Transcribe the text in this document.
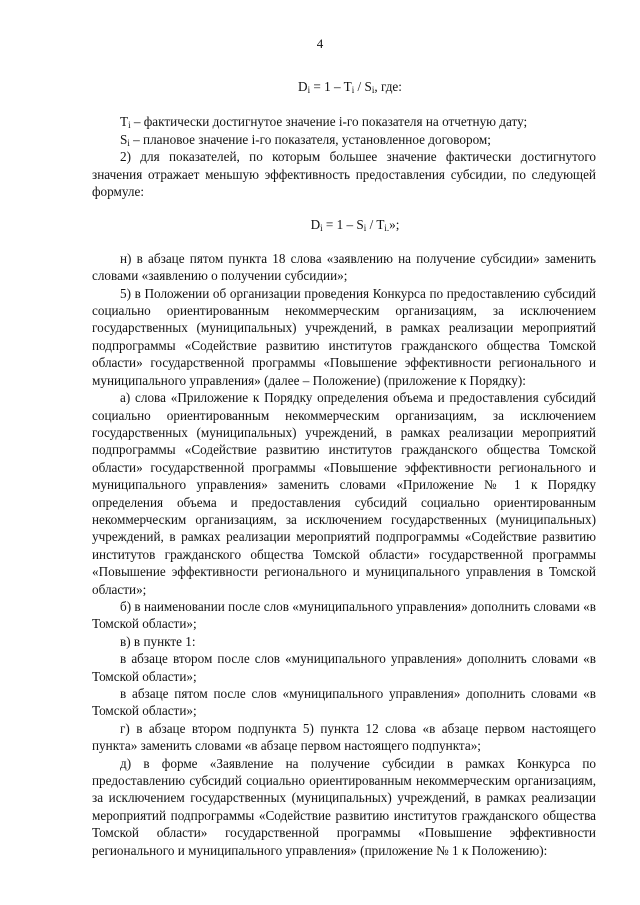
4

$D_i = 1 - T_i / S_i$, где:

$T_i$ – фактически достигнутое значение i-го показателя на отчетную дату;

$S_i$ – плановое значение i-го показателя, установленное договором;

2) для показателей, по которым большее значение фактически достигнутого значения отражает меньшую эффективность предоставления субсидии, по следующей формуле:

$D_i = 1 - S_i / T_{i.}$»;

н) в абзаце пятом пункта 18 слова «заявлению на получение субсидии» заменить словами «заявлению о получении субсидии»;

5) в Положении об организации проведения Конкурса по предоставлению субсидий социально ориентированным некоммерческим организациям, за исключением государственных (муниципальных) учреждений, в рамках реализации мероприятий подпрограммы «Содействие развитию институтов гражданского общества Томской области» государственной программы «Повышение эффективности регионального и муниципального управления» (далее – Положение) (приложение к Порядку):

а) слова «Приложение к Порядку определения объема и предоставления субсидий социально ориентированным некоммерческим организациям, за исключением государственных (муниципальных) учреждений, в рамках реализации мероприятий подпрограммы «Содействие развитию институтов гражданского общества Томской области» государственной программы «Повышение эффективности регионального и муниципального управления» заменить словами «Приложение № 1 к Порядку определения объема и предоставления субсидий социально ориентированным некоммерческим организациям, за исключением государственных (муниципальных) учреждений, в рамках реализации мероприятий подпрограммы «Содействие развитию институтов гражданского общества Томской области» государственной программы «Повышение эффективности регионального и муниципального управления в Томской области»;

б) в наименовании после слов «муниципального управления» дополнить словами «в Томской области»;

в) в пункте 1:

в абзаце втором после слов «муниципального управления» дополнить словами «в Томской области»;

в абзаце пятом после слов «муниципального управления» дополнить словами «в Томской области»;

г) в абзаце втором подпункта 5) пункта 12 слова «в абзаце первом настоящего пункта» заменить словами «в абзаце первом настоящего подпункта»;

д) в форме «Заявление на получение субсидии в рамках Конкурса по предоставлению субсидий социально ориентированным некоммерческим организациям, за исключением государственных (муниципальных) учреждений, в рамках реализации мероприятий подпрограммы «Содействие развитию институтов гражданского общества Томской области» государственной программы «Повышение эффективности регионального и муниципального управления» (приложение № 1 к Положению):
